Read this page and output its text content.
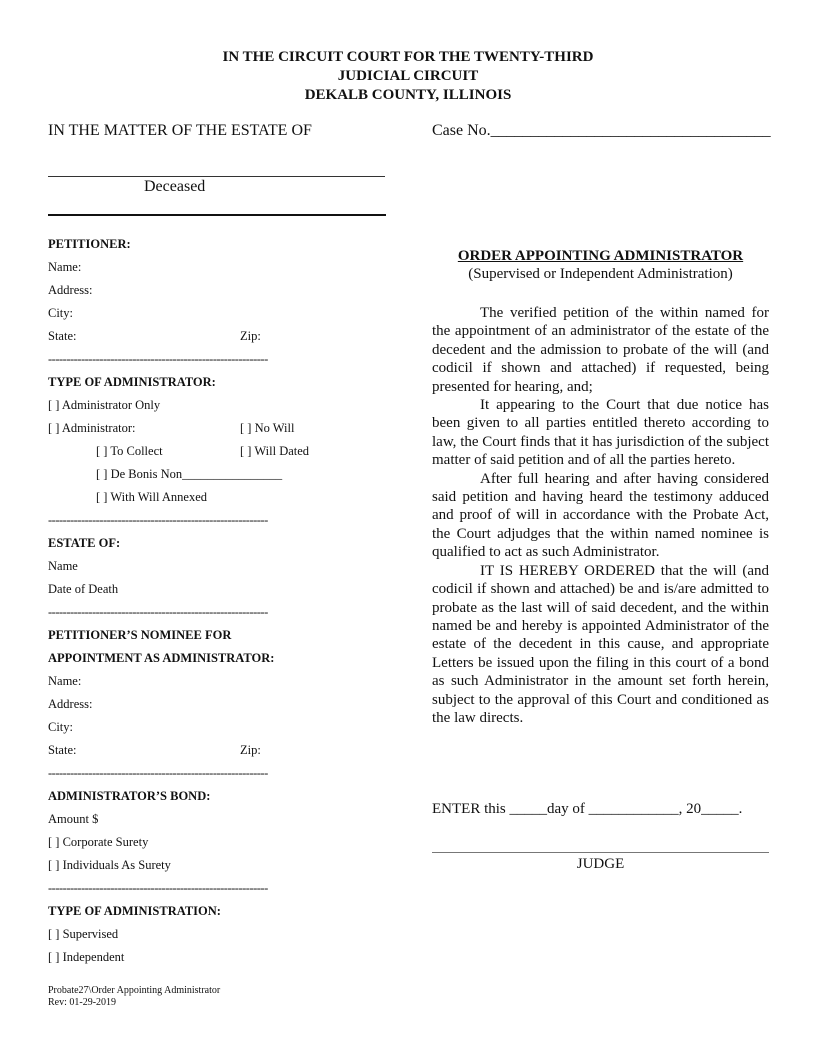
IN THE CIRCUIT COURT FOR THE TWENTY-THIRD
JUDICIAL CIRCUIT
DEKALB COUNTY, ILLINOIS
IN THE MATTER OF THE ESTATE OF	Case No.___________________________________
Deceased
PETITIONER:
Name:
Address:
City:
State:	Zip:
------------------------------------------------------------
TYPE OF ADMINISTRATOR:
[ ] Administrator Only
[ ] Administrator:	[ ] No Will
[ ] To Collect	[ ] Will Dated
[ ] De Bonis Non________________
[ ] With Will Annexed
------------------------------------------------------------
ESTATE OF:
Name
Date of Death
------------------------------------------------------------
PETITIONER’S NOMINEE FOR
APPOINTMENT AS ADMINISTRATOR:
Name:
Address:
City:
State:	Zip:
------------------------------------------------------------
ADMINISTRATOR’S BOND:
Amount $
[ ] Corporate Surety
[ ] Individuals As Surety
------------------------------------------------------------
TYPE OF ADMINISTRATION:
[ ] Supervised
[ ] Independent
ORDER APPOINTING ADMINISTRATOR
(Supervised or Independent Administration)

The verified petition of the within named for the appointment of an administrator of the estate of the decedent and the admission to probate of the will (and codicil if shown and attached) if requested, being presented for hearing, and;

It appearing to the Court that due notice has been given to all parties entitled thereto according to law, the Court finds that it has jurisdiction of the subject matter of said petition and of all the parties hereto.

After full hearing and after having considered said petition and having heard the testimony adduced and proof of will in accordance with the Probate Act, the Court adjudges that the within named nominee is qualified to act as such Administrator.

IT IS HEREBY ORDERED that the will (and codicil if shown and attached) be and is/are admitted to probate as the last will of said decedent, and the within named be and hereby is appointed Administrator of the estate of the decedent in this cause, and appropriate Letters be issued upon the filing in this court of a bond as such Administrator in the amount set forth herein, subject to the approval of this Court and conditioned as the law directs.

ENTER this _____day of ____________, 20_____.
JUDGE
Probate27\Order Appointing Administrator
Rev: 01-29-2019
